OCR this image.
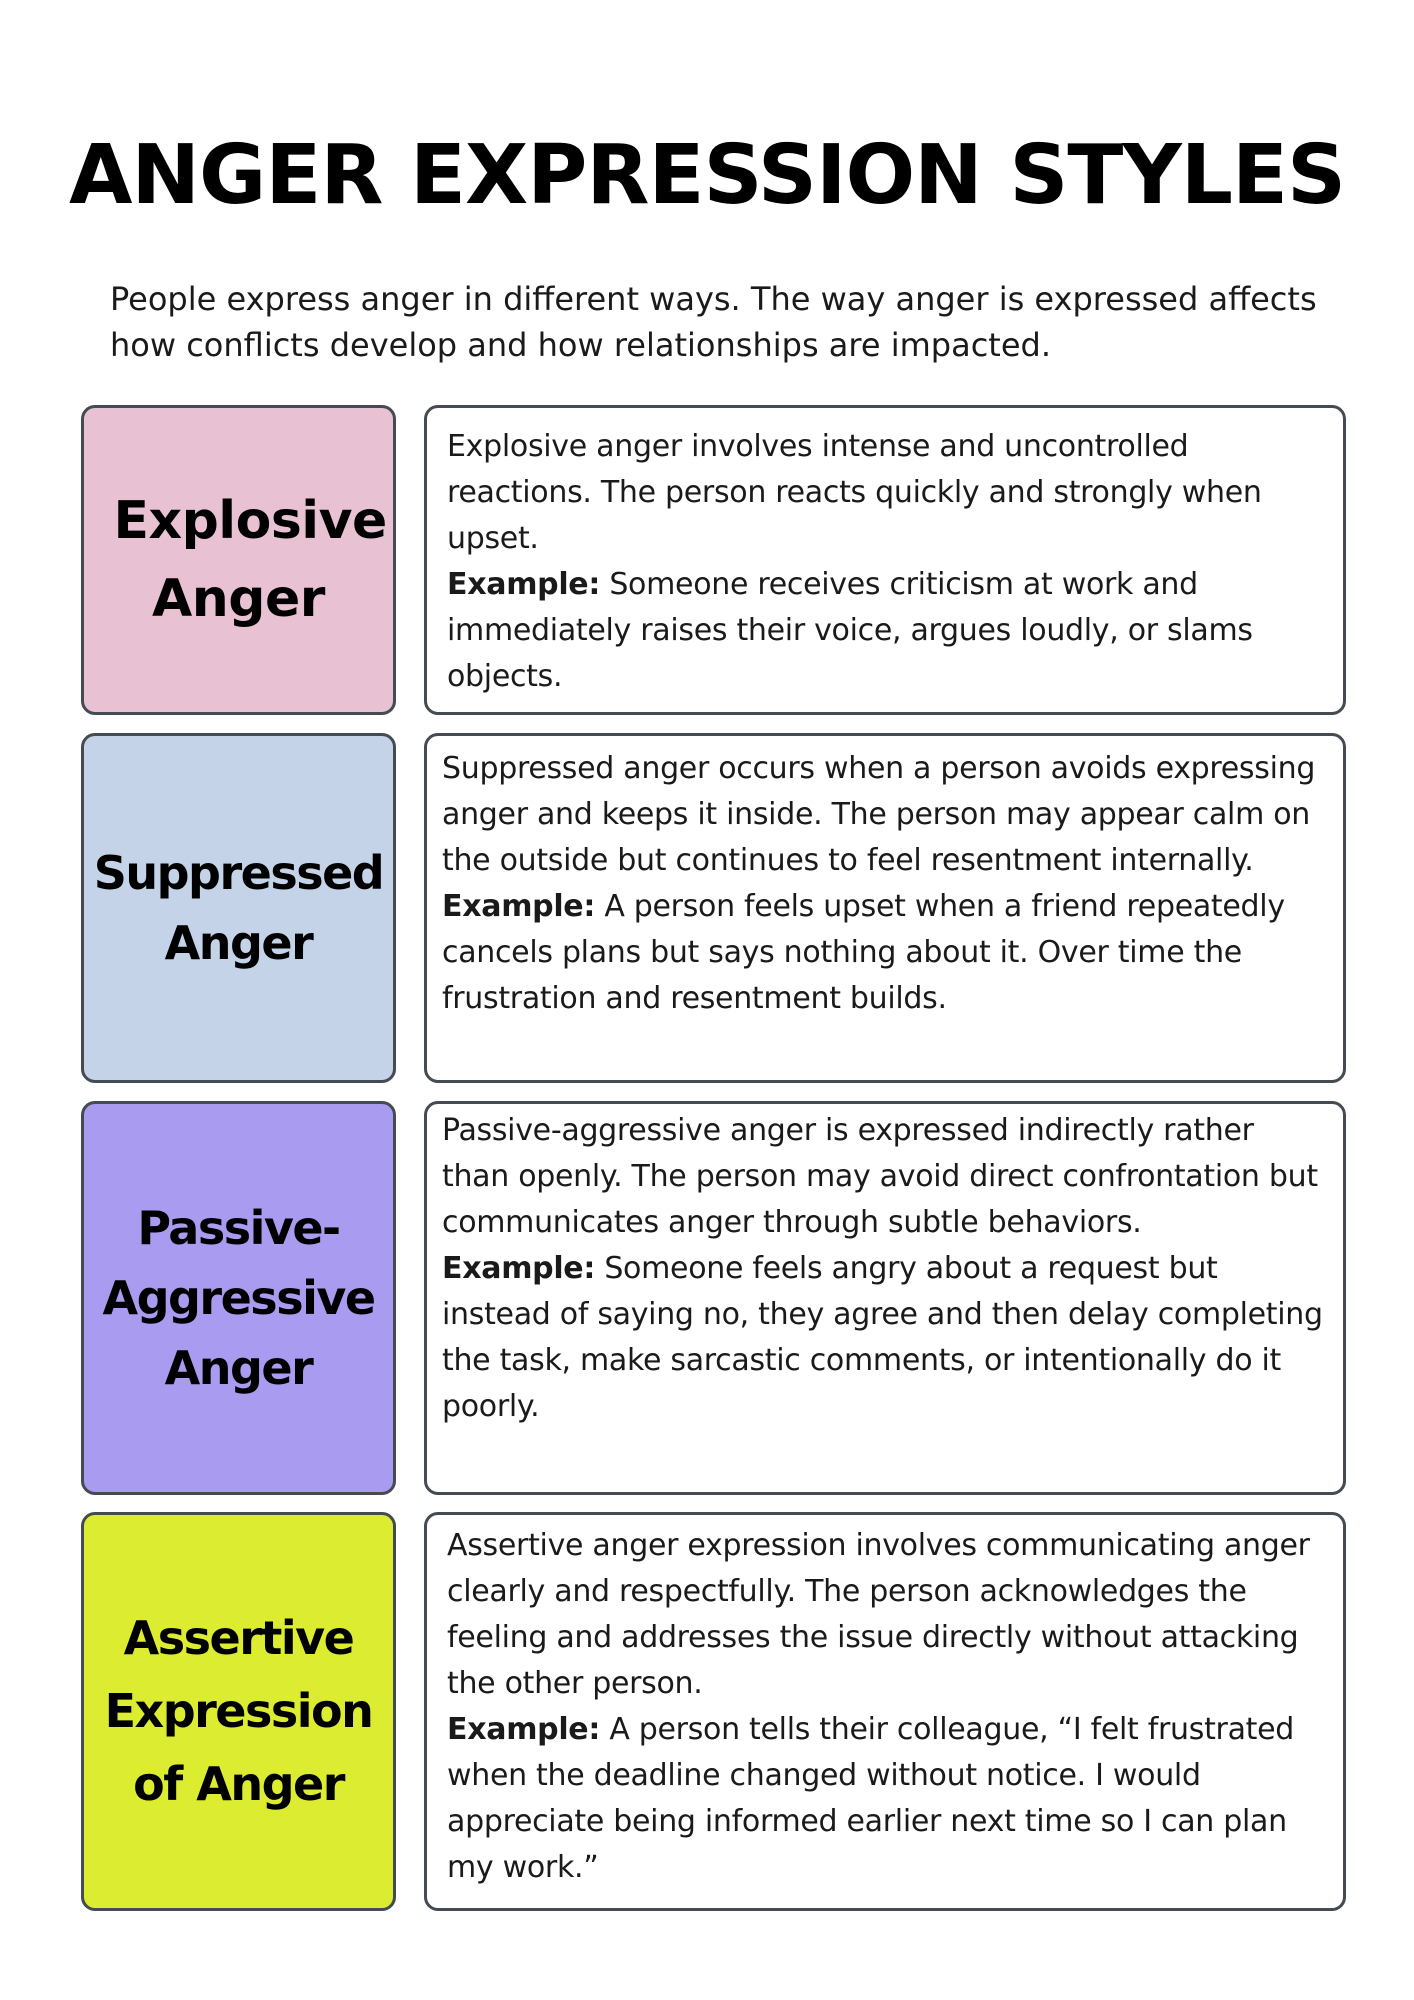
ANGER EXPRESSION STYLES
People express anger in different ways. The way anger is expressed affects how conflicts develop and how relationships are impacted.
Explosive Anger

Explosive anger involves intense and uncontrolled reactions. The person reacts quickly and strongly when upset.

Example: Someone receives criticism at work and immediately raises their voice, argues loudly, or slams objects.

Suppressed Anger

Suppressed anger occurs when a person avoids expressing anger and keeps it inside. The person may appear calm on the outside but continues to feel resentment internally.

Example: A person feels upset when a friend repeatedly cancels plans but says nothing about it. Over time the frustration and resentment builds.

Passive-Aggressive Anger

Passive-aggressive anger is expressed indirectly rather than openly. The person may avoid direct confrontation but communicates anger through subtle behaviors.

Example: Someone feels angry about a request but instead of saying no, they agree and then delay completing the task, make sarcastic comments, or intentionally do it poorly.

Assertive Expression of Anger

Assertive anger expression involves communicating anger clearly and respectfully. The person acknowledges the feeling and addresses the issue directly without attacking the other person.

Example: A person tells their colleague, “I felt frustrated when the deadline changed without notice. I would appreciate being informed earlier next time so I can plan my work.”
